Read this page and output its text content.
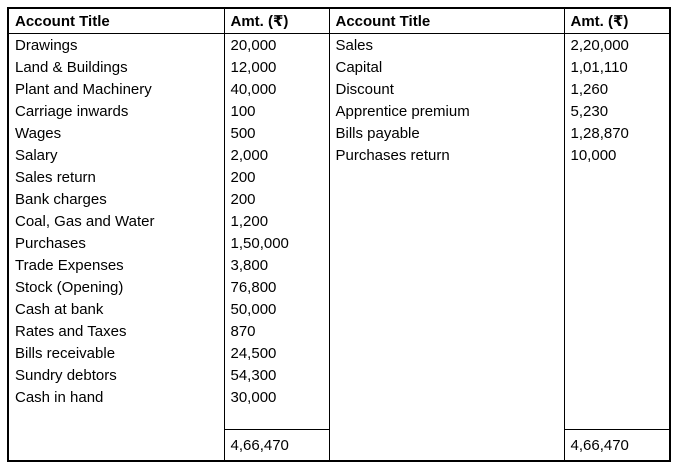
Account Title	Amt. (₹)	Account Title	Amt. (₹)
Drawings	20,000	Sales	2,20,000
Land & Buildings	12,000	Capital	1,01,110
Plant and Machinery	40,000	Discount	1,260
Carriage inwards	100	Apprentice premium	5,230
Wages	500	Bills payable	1,28,870
Salary	2,000	Purchases return	10,000
Sales return	200		
Bank charges	200		
Coal, Gas and Water	1,200		
Purchases	1,50,000		
Trade Expenses	3,800		
Stock (Opening)	76,800		
Cash at bank	50,000		
Rates and Taxes	870		
Bills receivable	24,500		
Sundry debtors	54,300		
Cash in hand	30,000		

	4,66,470		4,66,470
